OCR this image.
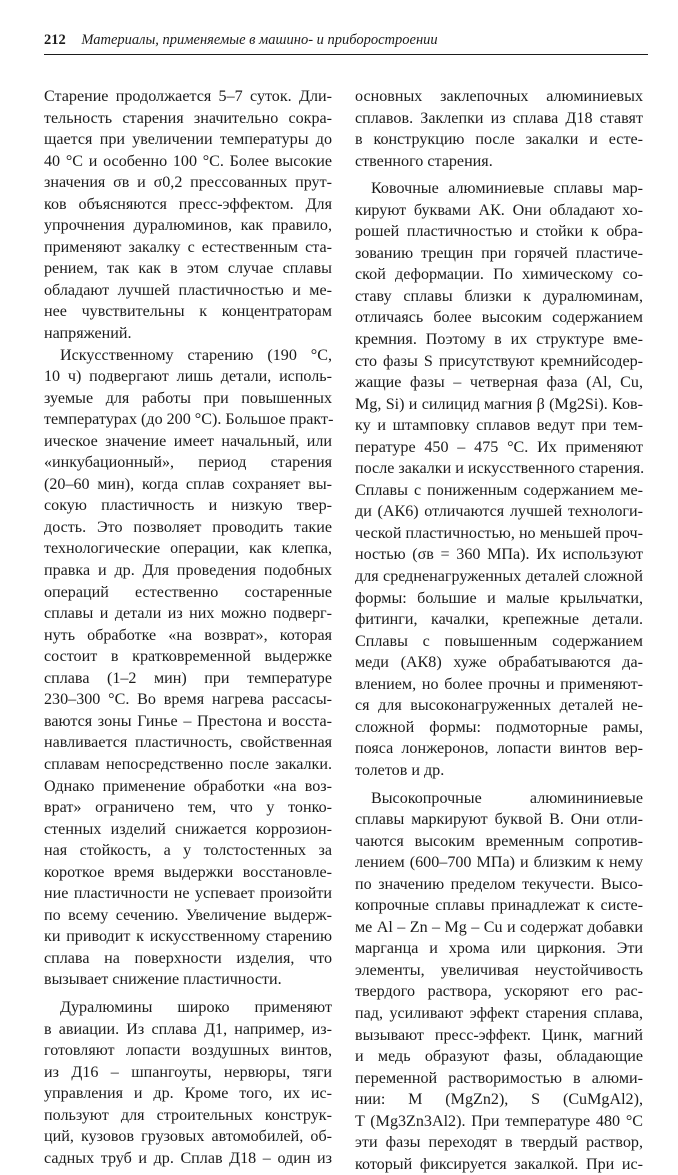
212 Материалы, применяемые в машино- и приборостроении
Старение продолжается 5–7 суток. Дли-
тельность старения значительно сокра-
щается при увеличении температуры до
40 °С и особенно 100 °С. Более высокие
значения σв и σ0,2 прессованных прут-
ков объясняются пресс-эффектом. Для
упрочнения дуралюминов, как правило,
применяют закалку с естественным ста-
рением, так как в этом случае сплавы
обладают лучшей пластичностью и ме-
нее чувствительны к концентраторам
напряжений.
Искусственному старению (190 °С,
10 ч) подвергают лишь детали, исполь-
зуемые для работы при повышенных
температурах (до 200 °С). Большое практ-
ическое значение имеет начальный, или
«инкубационный», период старения
(20–60 мин), когда сплав сохраняет вы-
сокую пластичность и низкую твер-
дость. Это позволяет проводить такие
технологические операции, как клепка,
правка и др. Для проведения подобных
операций естественно состаренные
сплавы и детали из них можно подверг-
нуть обработке «на возврат», которая
состоит в кратковременной выдержке
сплава (1–2 мин) при температуре
230–300 °С. Во время нагрева рассасы-
ваются зоны Гинье – Престона и восста-
навливается пластичность, свойственная
сплавам непосредственно после закалки.
Однако применение обработки «на воз-
врат» ограничено тем, что у тонко-
стенных изделий снижается коррозион-
ная стойкость, а у толстостенных за
короткое время выдержки восстановле-
ние пластичности не успевает произойти
по всему сечению. Увеличение выдерж-
ки приводит к искусственному старению
сплава на поверхности изделия, что
вызывает снижение пластичности.
Дуралюмины широко применяют
в авиации. Из сплава Д1, например, из-
готовляют лопасти воздушных винтов,
из Д16 – шпангоуты, нервюры, тяги
управления и др. Кроме того, их ис-
пользуют для строительных конструк-
ций, кузовов грузовых автомобилей, об-
садных труб и др. Сплав Д18 – один из
основных заклепочных алюминиевых
сплавов. Заклепки из сплава Д18 ставят
в конструкцию после закалки и есте-
ственного старения.
Ковочные алюминиевые сплавы мар-
кируют буквами АК. Они обладают хо-
рошей пластичностью и стойки к обра-
зованию трещин при горячей пластиче-
ской деформации. По химическому со-
ставу сплавы близки к дуралюминам,
отличаясь более высоким содержанием
кремния. Поэтому в их структуре вме-
сто фазы S присутствуют кремнийсодер-
жащие фазы – четверная фаза (Al, Cu,
Mg, Si) и силицид магния β (Mg2Si). Ков-
ку и штамповку сплавов ведут при тем-
пературе 450 – 475 °С. Их применяют
после закалки и искусственного старения.
Сплавы с пониженным содержанием ме-
ди (АК6) отличаются лучшей технологи-
ческой пластичностью, но меньшей проч-
ностью (σв = 360 МПа). Их используют
для средненагруженных деталей сложной
формы: большие и малые крыльчатки,
фитинги, качалки, крепежные детали.
Сплавы с повышенным содержанием
меди (АК8) хуже обрабатываются да-
влением, но более прочны и применяют-
ся для высоконагруженных деталей не-
сложной формы: подмоторные рамы,
пояса лонжеронов, лопасти винтов вер-
толетов и др.
Высокопрочные алюмининиевые
сплавы маркируют буквой В. Они отли-
чаются высоким временным сопротив-
лением (600–700 МПа) и близким к нему
по значению пределом текучести. Высо-
копрочные сплавы принадлежат к систе-
ме Al – Zn – Mg – Cu и содержат добавки
марганца и хрома или циркония. Эти
элементы, увеличивая неустойчивость
твердого раствора, ускоряют его рас-
пад, усиливают эффект старения сплава,
вызывают пресс-эффект. Цинк, магний
и медь образуют фазы, обладающие
переменной растворимостью в алюми-
нии: M (MgZn2), S (CuMgAl2),
T (Mg3Zn3Al2). При температуре 480 °С
эти фазы переходят в твердый раствор,
который фиксируется закалкой. При ис-
